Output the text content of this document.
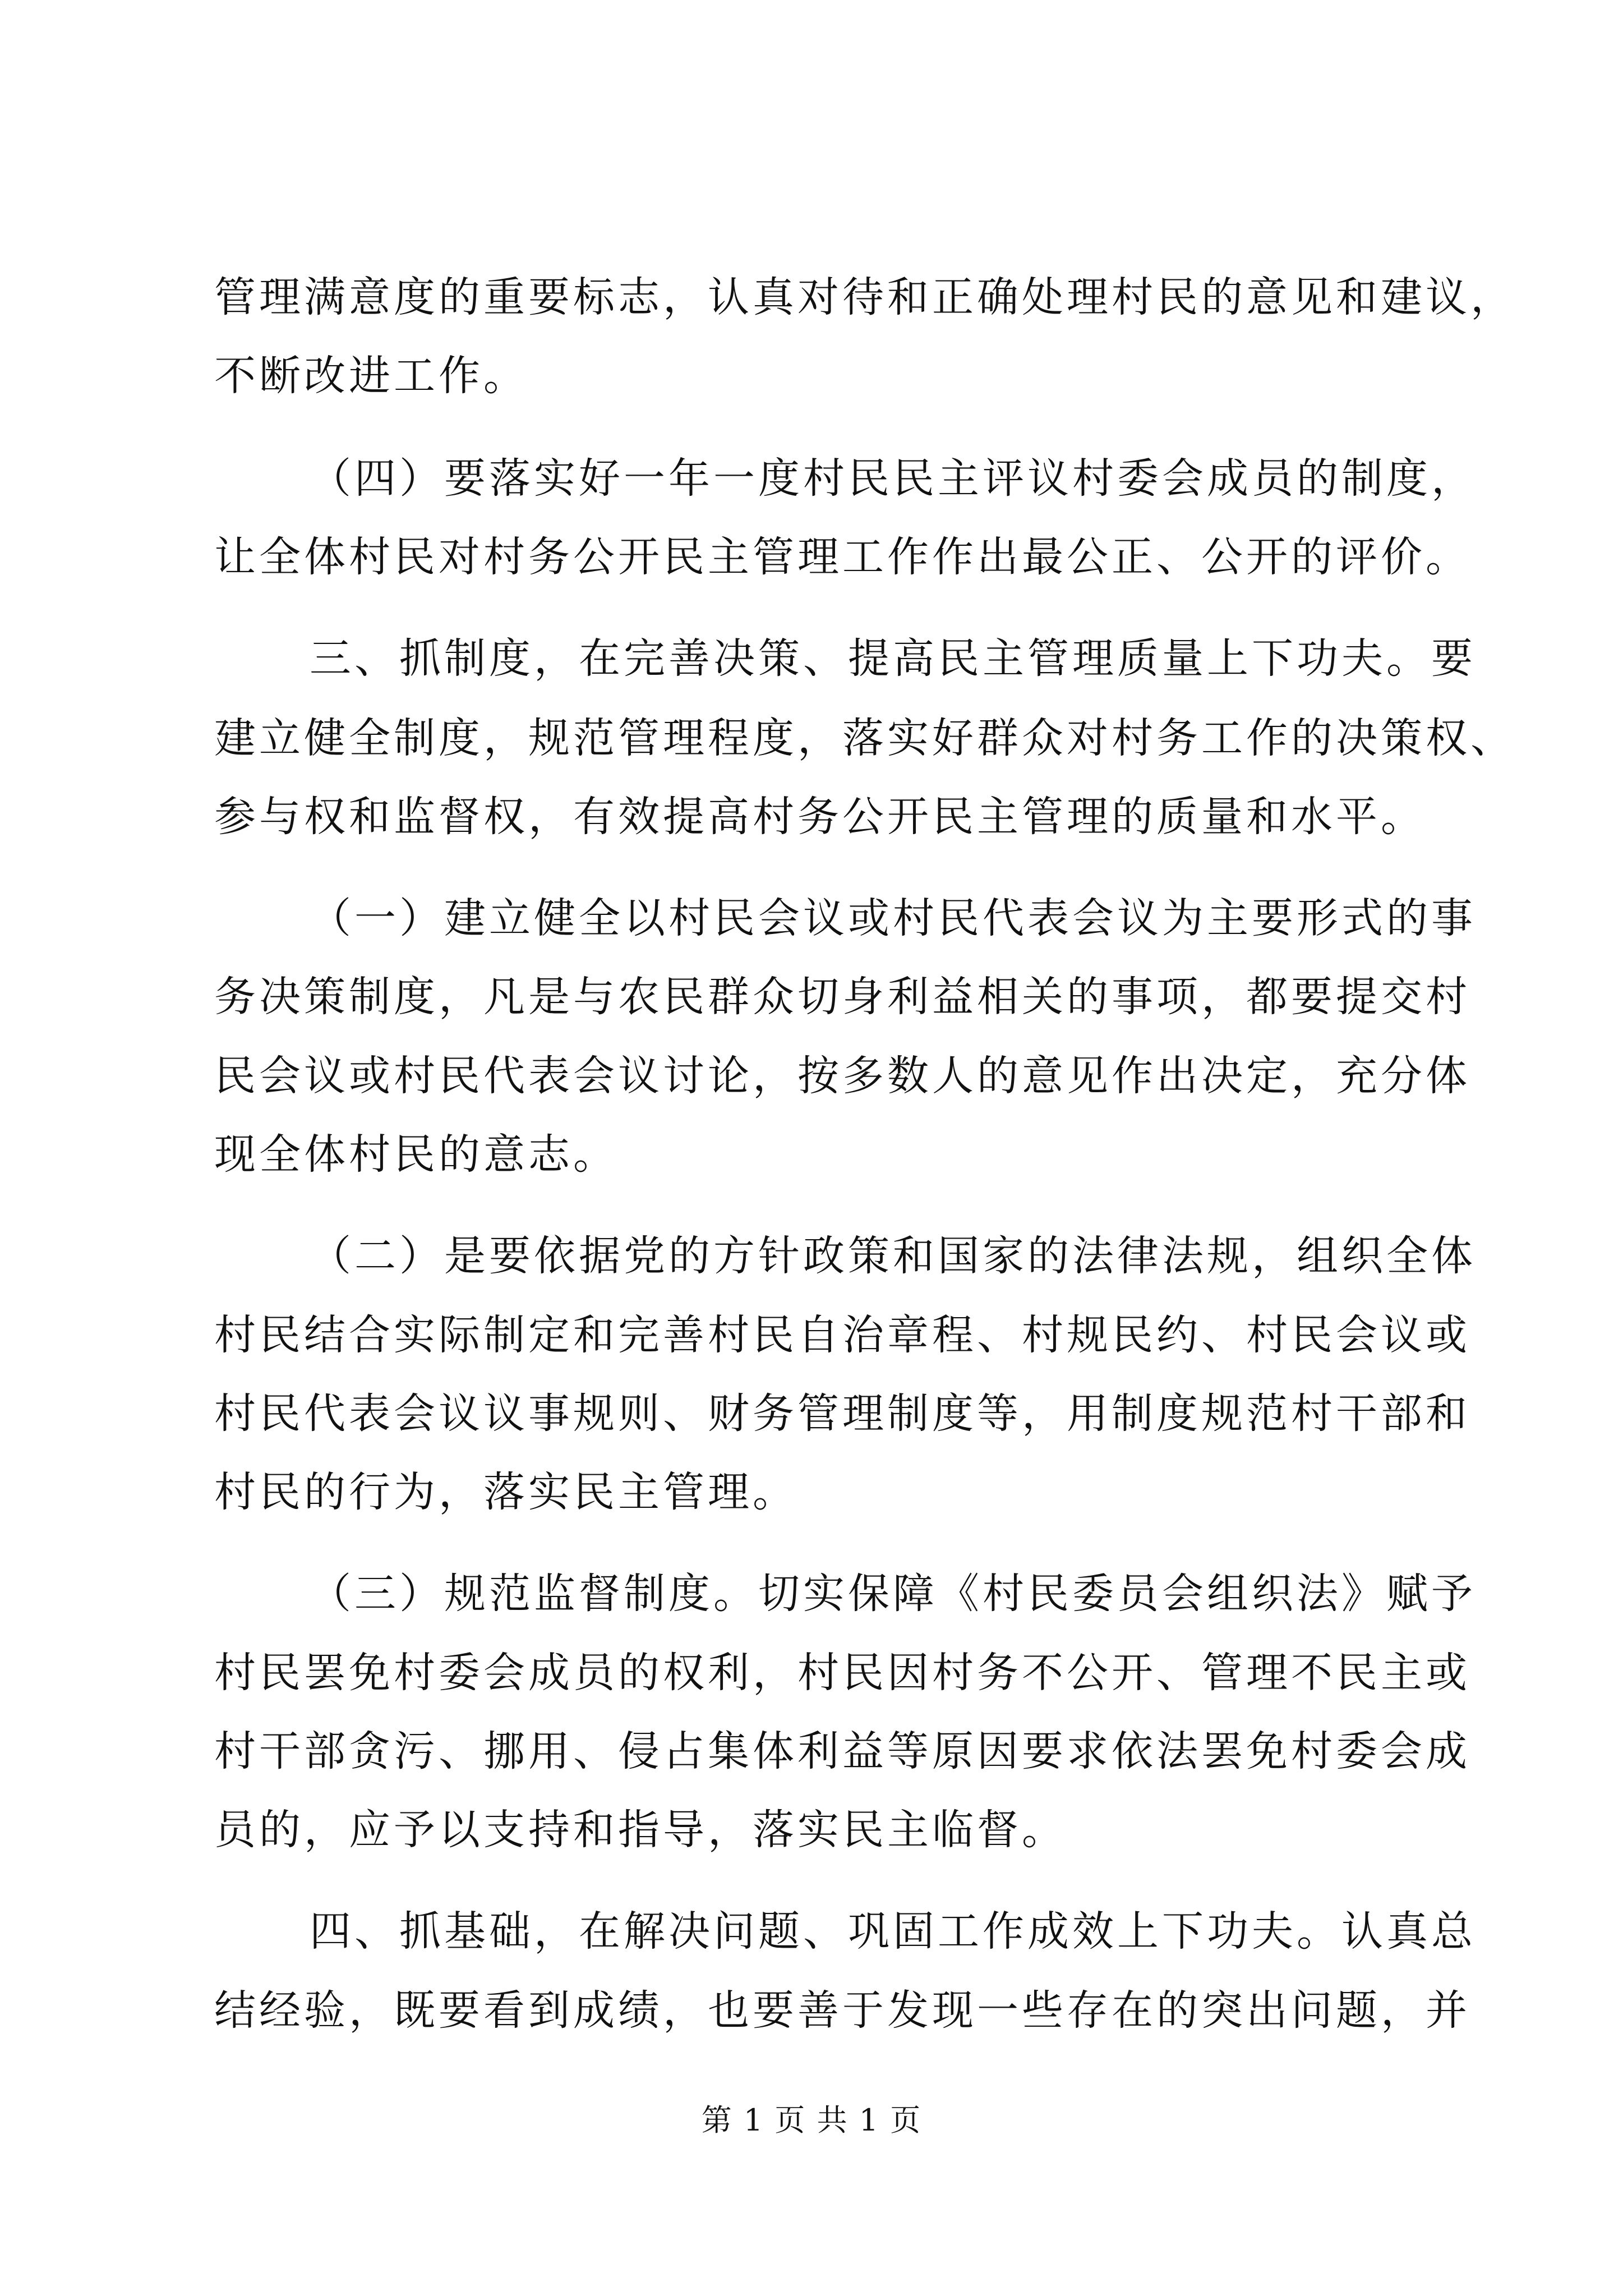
管理满意度的重要标志，认真对待和正确处理村民的意见和建议，
不断改进工作。
（四）要落实好一年一度村民民主评议村委会成员的制度，
让全体村民对村务公开民主管理工作作出最公正、公开的评价。
三、抓制度，在完善决策、提高民主管理质量上下功夫。要
建立健全制度，规范管理程度，落实好群众对村务工作的决策权、
参与权和监督权，有效提高村务公开民主管理的质量和水平。
（一）建立健全以村民会议或村民代表会议为主要形式的事
务决策制度，凡是与农民群众切身利益相关的事项，都要提交村
民会议或村民代表会议讨论，按多数人的意见作出决定，充分体
现全体村民的意志。
（二）是要依据党的方针政策和国家的法律法规，组织全体
村民结合实际制定和完善村民自治章程、村规民约、村民会议或
村民代表会议议事规则、财务管理制度等，用制度规范村干部和
村民的行为，落实民主管理。
（三）规范监督制度。切实保障《村民委员会组织法》赋予
村民罢免村委会成员的权利，村民因村务不公开、管理不民主或
村干部贪污、挪用、侵占集体利益等原因要求依法罢免村委会成
员的，应予以支持和指导，落实民主临督。
四、抓基础，在解决问题、巩固工作成效上下功夫。认真总
结经验，既要看到成绩，也要善于发现一些存在的突出问题，并
第 1 页 共 1 页
